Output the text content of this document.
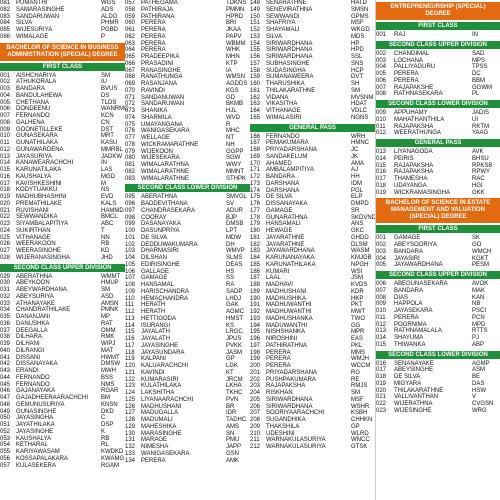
081 PUMANTHI	WGS
082 SAMARASINGHE	ADS
083 SANDARUWAN	ALDO
084 SILVA	PHMR
085 WIJESURIYA	PGBD
086 WIMALAGE	P
BACHELOR OF SCIENCE IN BUSINESS ADMINISTRATION (SPECIAL) DEGREE
FIRST CLASS
001 AISHCHARIYA	SM
002 ATHUKORALA	IU
003 BANDARA	BVUS
004 BANDULAHEWA	DS
005 CHETHANA	TLDS
006 DONDEENU	WANRMC
007 FERNANDO	KCN
008 GALHENA	CN
009 GOONETILLEKE	DST
010 GUNASEKARA	MRT
011	GUNATHILAKA	KASU
012 GUNAWARDENA	MMRBL
013 JAYASURIYA	JADKW
014 KANAWEARACHCHI	IN
015 KARUNATILAKA	LAS
016 KAUSHALYA	MGD
017 KAVISHKESHINI	M
018 KODYTUAKKU	NS
019 MADHUBHASHINI	EVD
020 PREMATHILAKE	KALS
021 RUVISHANI	HAMMD
022 SEWWANDIKA	BMCL
023 SIYAMBALAPITIYA	ABC
024 SUKIRTHAN	T
025 VITHANAGE	NN
026 WEERAKOON	RB
027 WEERASINGHE	KD
028 WIJERANASINGHA	JHD
SECOND CLASS UPPER DIVISION
029 ABERATHNA	WMMT
030 ABEYKOON	HMUP
031 ABEYWARDHANA	SM
032 ABEYSURIYA	ASD
033 ATHANAYAKE	AMSN
034 CHANDRATHILAKE	PMNK
035 DANANJANI	MP
036 DANUSHKA	RAT
037 DEEGALLA	OMM
038 DILHARA	RMK
039 DILHANI	WIPJ
040 DILRANGI	MAT
041 DISSANI	HWMT
042 DISSANAYAKA	DMSW
043 ERANDI	MWH
044 FERNANDO	BSS
045 FERNANDO	NMS
046 GAJANAYAKA	RGAR
047 GAJADHEERAARACHCHI	BM
048 GEMUNUSURIYA	KNSN
049 GUNASINGHE	DKD
050 JAYASINGHA	C
051 JAYATHILAKA	DSP
052 JAYASINGHE	K
053 KAUSHALYA	RB
054 KETHARAL	RL
055 KARIYAWASAM	KWDKD
056 KOSSAPALAKARA	KWAMG
057 KULASEKERA	RGAM
057 PATHEGAMA	TDKNS
058 PATHIRAJA	PMMN
059 PATHIRANA	HPRD
060 PERERA	BRI
061 PERERA	JKAA
062 PERERA	PAPV
063 PERERA	WBMM
064 PERERA	WHK
065 PRADEEPIKA	MHN
066 PRASADINI	KTP
067 RANASINGHE	IA
068 RANATHUNGA	WMSN
069 RASANJANA	AGDDS
070 RAVINDI	KGS
071 SANDANUWAN	GD
072 SANDARUWAN	BKMB
073 SHANIKA	HJL
074 SHARMILA	WVD
075 UMAYANGANA	R
076 WANIGASEKARA	MHC
077 WELLAGE	NT
078 WICKRAMARATHNE	NH
079 WIJEKOON	GGPP
080 WIJESEKARA	SGW
081 WIMALARATHNA	WWY
082 WIMALARATHNE	MMNT
083 WIMALARATHNE	STHPK
SECOND CLASS LOWER DIVISION
095 ABERATHNA	SMVGL
096 BADDEVITHANA	SV
097 CHANDRASEKARA	ADUR
098 COORAY	BJP
099 DASANAYAKA	DMSB
100 DASUNPRIYA	LPT
101 DE SILVA	MDW
102 DEDDUWAKUMARA	DH
103 DHARMASIRI	WMVP
104 DILSHAN	SLMS
105 EDIRISINGHE	DEAS
106 GALLAGE	HS
107 GAMAGE	SS
108 HANSAMAL	RA
109 HARISCHANDRA	SADP
110	HEMACHANDRA	LHDJ
111	HERATH	GAK
112	HERATH	AGMC
113	HETTIGODA	HMST
114	ISURANGI	KS
115	JAYALATH	LRGC
116	JAYALATH	JPUS
117	JAYASINGHE	PVKK
118	JAYASUNDARA	JASM
119	KALPANI	GP
120 KALUARACHCHI	LGK
121 KAVINDI	KT
122 KUMARASIRI	JRCM
123 KULATHILAKA	LKHA
124 LAKSHITHA	TKHC
125 LIYANAARACHCHI	PVN
126 MADHUSHANI	BR
127 MADUGALLA	IDR
128 MADUMALI	TADHC
129 MAHESHIKA	AMS
130 MARASINGHE	SN
131 MARAGE	PMU
132 NIMESHA	JAPP
133 WANIGASEKARA	GSN
134 PERERA	AMK
148 SENARATHNE	HATD
149 SENEVIRATHNA	SMSN
150 SEWWANDI	GPMS
151 SHAFRIYA	MSF
152 SHAYAMALI	WKGD
153 SILVA	MDS
154 SIRIWARDHANA	HP
155 SIRIWARDHANA	HPD
156 SIRIWARDHANA	SSL
157 SUBHASINGHE	SNS
158 SUDASINGHA	HCP
159 SUMANAWEERA	DVT
160 THARUSHIKA	SH
161 THILAKARATHNE	SM
162 VIDANA	MVSNM
163 VIKASITHA	HDAT
164 VITHANAGE	VDLC
165 WIMALASIRI	NGNS
GENERAL PASS
166 FERNANDO	WRH
167 PEMAKUMARA	HMNC
168 PRIYADARSHANA	JC
169 SANDAKELUM	JK
170 AHAMED	AMA
171 AMBALAMPITIYA	AJ
172 BANDARA	HH
173 DARSHANA	IDM
174 DARSHANA	PGL
175 DE SILVA	ELP
176 DISSANAYAKA	DMPD
177 GAMAGE	SR
178 GUNARATHNA	SKDVND
179 HANSAMALI	ANS
180 HEWAGE	GKC
181 JAYARATHNE	GHDD
182 JAYARATHNE	DLSM
183 JAYAWARDHANA	WASM
184 KARUNANAYAKA	KMJGB
185 KARUNATHILAKA	NPGH
186 KUMARI	WSI
187 LAAL	JSM
188 MADHAVI	KVDS
189 MADHUSHANI	KDR
190 MADHUSHIKA	HKP
191 MADHUWANTHI	PKT
192 MADHUWANTHI	MWT
193 MADHUSHANKA	TWO
194 MADUWANTHI	GG
195 NISHSHANKA	MPR
196 NIROSHINI	EAS
197 PATHIRATHNA	PKL
198 PERERA	MMS
199 PERERA	WMJH
200 PERERA	WCCM
201 PRIYADARSHANA	RG
202 PUSHPAKUMARA	RE
203 RAJAPAKSHA	RMJS
204 RISKHAN	SM
205 SIRIWARDHANA	MSF
206 SIRIWARDHANA	WSHR
207 SOORIYAARACHCHI	KSBH
208 SUGANDHIKA	CHHKN
209 THAKSHILA	GP
210 UDESHINI	WLRD
211	WARNAKULASURIYA	WNCC
212 WARNAKULASURIYA	GTSK
ENTREPRENEURSHIP (SPECIAL) DEGREE
FIRST CLASS
001	RAJ	IN
SECOND CLASS UPPER DIVISION
002	CHANDIMAL	SAD
003	LOCHANA	MPS
004	PALLIYAGURU	TPSS
005	PERERA	DC
006	PERERA	BBM
007	RAJAPAKSHE	GGWM
008	RATHNASEKARA	PL
SECOND CLASS LOWER DIVISION
009	APPUHAMY	JADIS
010	MAHATHANTHILA	UI
011	RAJAPAKSHA	RKTM
012	WEERATHUNGA	YAAG
GENERAL PASS
013	LIYANAGODA	AVK
014	PEIRIS	BHSU
015	RAJAPAKSHA	RPKSB
016	RAJAPAKSHA	RPWY
017	THAMESHA	RAC
018	UDAYANGA	HGI
019	WICKRAMASINGHA	GKK
BACHELOR OF SCIENCE IN ESTATE MANAGEMENT AND VALUATION (SPECIAL) DEGREE
FIRST CLASS
001	GAMAGE	SK
002	ABEYSOORIYA	GO
003	BANDARA	WMCH
004	JAYASIRI	KGKT
005	JAYAWARDHANA	PESM
SECOND CLASS UPPER DIVISION
006	ABEGUNASEKARA	AVOK
007	BANDARA	MAK
008	DIAS	KAN
009	HAPPOLA	NB
010	JAYASEKARA	PSCI
011	PERERA	PCN
012	POORNIMA	MPD
013	RATHNAMALALA	RTTS
014	SHAYUMA	PJ
015	THIWANKA	ABP
SECOND CLASS LOWER DIVISION
016	SENANAYAKE	AGMP
017	ABEYSINGHE	ASM
018	DE SILVA	BE
019	MIGYARA	DAS
020	THILAKARATHNE	HSW
021	VALLIVANTHAN	V
022	WIJERATHNA	CVGSN
023	WIJESINGHE	WRG
